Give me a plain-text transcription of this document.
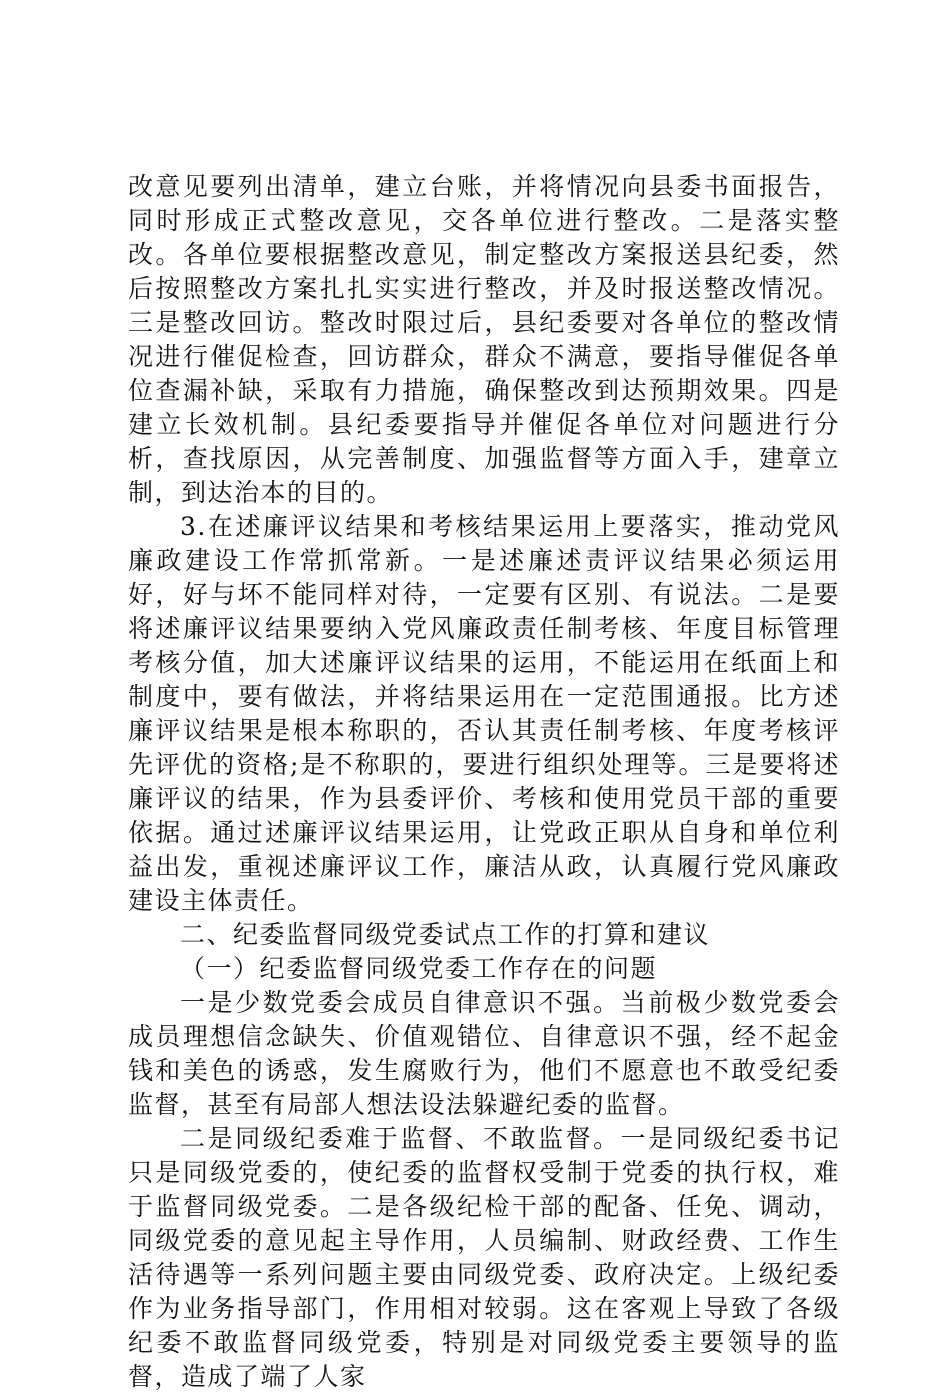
改意见要列出清单，建立台账，并将情况向县委书面报告，同时形成正式整改意见，交各单位进行整改。二是落实整改。各单位要根据整改意见，制定整改方案报送县纪委，然后按照整改方案扎扎实实进行整改，并及时报送整改情况。三是整改回访。整改时限过后，县纪委要对各单位的整改情况进行催促检查，回访群众，群众不满意，要指导催促各单位查漏补缺，采取有力措施，确保整改到达预期效果。四是建立长效机制。县纪委要指导并催促各单位对问题进行分析，查找原因，从完善制度、加强监督等方面入手，建章立制，到达治本的目的。

3.在述廉评议结果和考核结果运用上要落实，推动党风廉政建设工作常抓常新。一是述廉述责评议结果必须运用好，好与坏不能同样对待，一定要有区别、有说法。二是要将述廉评议结果要纳入党风廉政责任制考核、年度目标管理考核分值，加大述廉评议结果的运用，不能运用在纸面上和制度中，要有做法，并将结果运用在一定范围通报。比方述廉评议结果是根本称职的，否认其责任制考核、年度考核评先评优的资格;是不称职的，要进行组织处理等。三是要将述廉评议的结果，作为县委评价、考核和使用党员干部的重要依据。通过述廉评议结果运用，让党政正职从自身和单位利益出发，重视述廉评议工作，廉洁从政，认真履行党风廉政建设主体责任。

二、纪委监督同级党委试点工作的打算和建议

（一）纪委监督同级党委工作存在的问题

一是少数党委会成员自律意识不强。当前极少数党委会成员理想信念缺失、价值观错位、自律意识不强，经不起金钱和美色的诱惑，发生腐败行为，他们不愿意也不敢受纪委监督，甚至有局部人想法设法躲避纪委的监督。

二是同级纪委难于监督、不敢监督。一是同级纪委书记只是同级党委的，使纪委的监督权受制于党委的执行权，难于监督同级党委。二是各级纪检干部的配备、任免、调动，同级党委的意见起主导作用，人员编制、财政经费、工作生活待遇等一系列问题主要由同级党委、政府决定。上级纪委作为业务指导部门，作用相对较弱。这在客观上导致了各级纪委不敢监督同级党委，特别是对同级党委主要领导的监督，造成了端了人家
